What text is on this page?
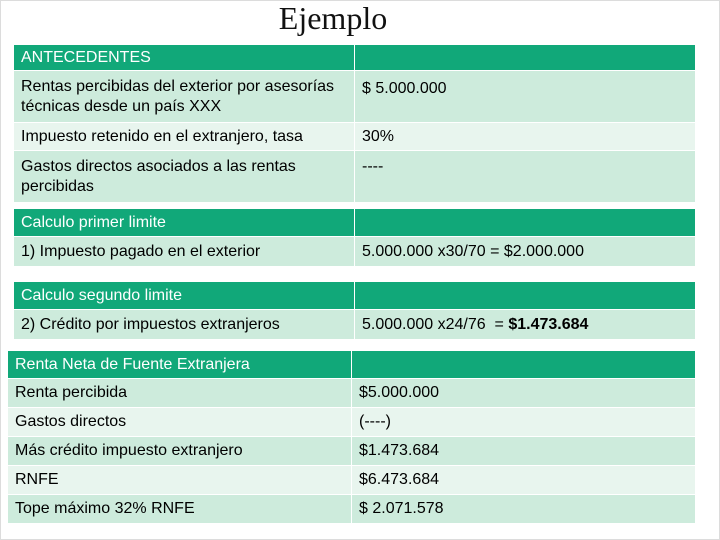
Ejemplo
ANTECEDENTES	
Rentas percibidas del exterior por asesorías técnicas desde un país XXX	$ 5.000.000
Impuesto retenido en el extranjero, tasa	30%
Gastos directos asociados a las rentas percibidas	----
Calculo primer limite	
1) Impuesto pagado en el exterior	5.000.000 x30/70 = $2.000.000
Calculo segundo limite	
2) Crédito por impuestos extranjeros	5.000.000 x24/76  = $1.473.684
Renta Neta de Fuente Extranjera	
Renta percibida	$5.000.000
Gastos directos	(----)
Más crédito impuesto extranjero	$1.473.684
RNFE	$6.473.684
Tope máximo 32% RNFE	$ 2.071.578
